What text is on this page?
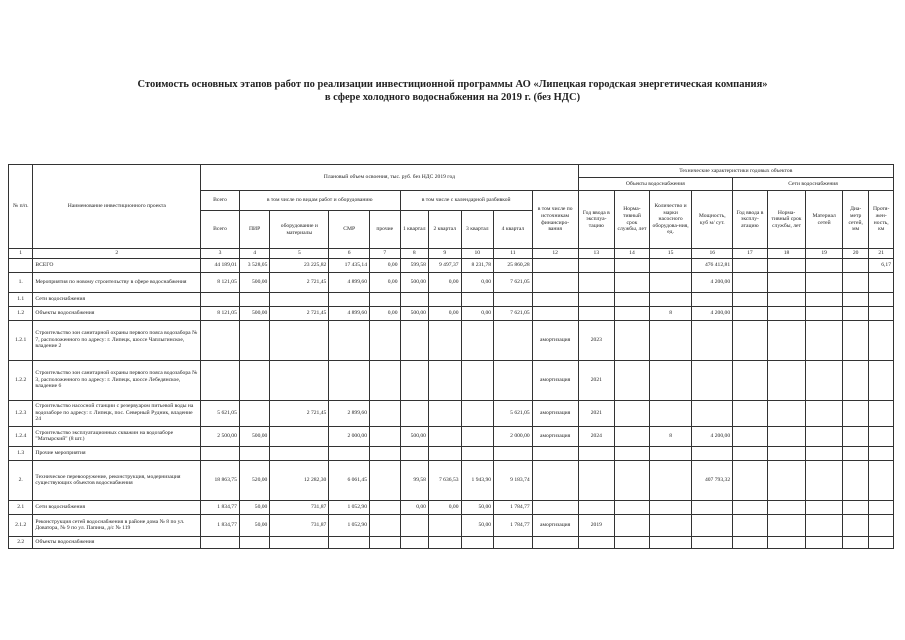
Стоимость основных этапов работ по реализации инвестиционной программы АО «Липецкая городская энергетическая компания»
в сфере холодного водоснабжения на 2019 г. (без НДС)
№ п/п.	Наименование инвестиционного проекта	Плановый объем освоения, тыс. руб. без НДС 2019 год										Технические характеристики годовых объектов								
												Объекты водоснабжения				Сети водоснабжения				
		Всего	в том числе по видам работ и оборудованию				в том числе с календарной разбивкой				в том числе по источникам финансиро-вания	Год ввода в эксплуа-тацию	Норма-тивный срок службы, лет	Количество и марки насосного оборудова-ния, ед.	Мощность, куб м/ сут.	Год ввода в эксплу-атацию	Норма-тивный срок службы, лет	Материал сетей	Диа-метр сетей, мм	Протя-жен-ность, км
		Всего	ПИР	оборудование и материалы	СМР	прочие	1 квартал	2 квартал	3 квартал	4 квартал										
1	2	3	4	5	6	7	8	9	10	11	12	13	14	15	16	17	18	19	20	21
	ВСЕГО	44 189,01	3 528,05	23 225,82	17 435,14	0,00	599,58	9 497,37	8 231,78	25 860,28					476 412,81					6,17
1.	Мероприятия по новому строительству в сфере водоснабжения	8 121,05	500,00	2 721,45	4 899,60	0,00	500,00	0,00	0,00	7 621,05					4 200,00					
1.1	Сети водоснабжения																			
1.2	Объекты водоснабжения	8 121,05	500,00	2 721,45	4 899,60	0,00	500,00	0,00	0,00	7 621,05				8	4 200,00					
1.2.1	Строительство зон санитарной охраны первого пояса водозабора № 7, расположенного по адресу: г. Липецк, шоссе Чаплыгинское, владение 2										амортизация	2023								
1.2.2	Строительство зон санитарной охраны первого пояса водозабора № 3, расположенного по адресу: г. Липецк, шоссе Лебедянское, владение 6										амортизация	2021								
1.2.3	Строительство насосной станции с резервуаром питьевой воды на водозаборе по адресу: г. Липецк, пос. Северный Рудник, владение 24	5 621,05		2 721,45	2 899,60					5 621,05	амортизация	2021								
1.2.4	Строительство эксплуатационных скважин на водозаборе "Матырский" (8 шт.)	2 500,00	500,00		2 000,00		500,00			2 000,00	амортизация	2024		8	4 200,00					
1.3	Прочие мероприятия																			
2.	Техническое перевооружение, реконструкция, модернизация существующих объектов водоснабжения	18 863,75	520,00	12 282,30	6 061,45		99,58	7 636,53	1 943,90	9 183,74					407 793,32					
2.1	Сети водоснабжения	1 834,77	50,00	731,87	1 052,90		0,00	0,00	50,00	1 784,77										
2.1.2	Реконструкция сетей водоснабжения в районе дома № 8 по ул. Доватора, № 9 по ул. Папина, д/с № 119	1 834,77	50,00	731,87	1 052,90				50,00	1 784,77	амортизация	2019								
2.2	Объекты водоснабжения																			
